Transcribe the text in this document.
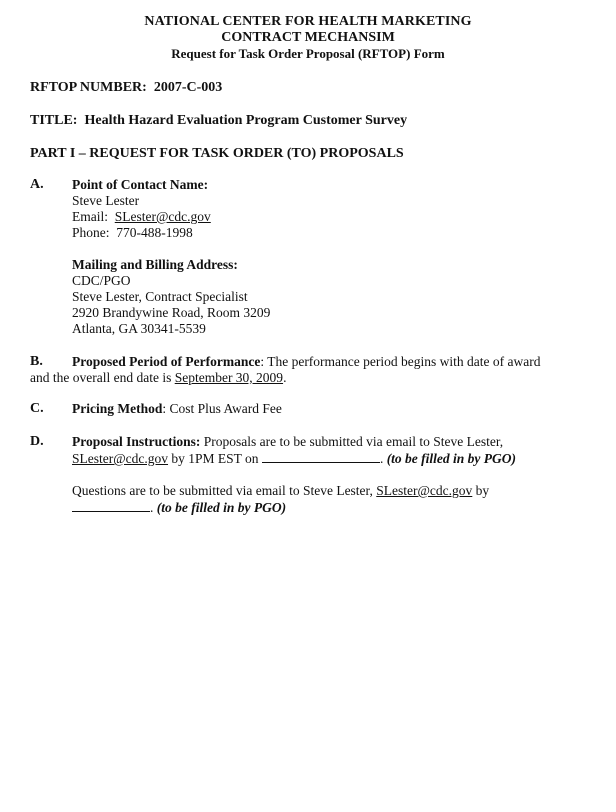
NATIONAL CENTER FOR HEALTH MARKETING
CONTRACT MECHANSIM
Request for Task Order Proposal (RFTOP) Form
RFTOP NUMBER: 2007-C-003
TITLE: Health Hazard Evaluation Program Customer Survey
PART I – REQUEST FOR TASK ORDER (TO) PROPOSALS
A. Point of Contact Name:
Steve Lester
Email: SLester@cdc.gov
Phone: 770-488-1998
Mailing and Billing Address:
CDC/PGO
Steve Lester, Contract Specialist
2920 Brandywine Road, Room 3209
Atlanta, GA 30341-5539
B. Proposed Period of Performance: The performance period begins with date of award
and the overall end date is September 30, 2009.
C. Pricing Method: Cost Plus Award Fee
D. Proposal Instructions: Proposals are to be submitted via email to Steve Lester,
SLester@cdc.gov by 1PM EST on	. (to be filled in by PGO)
Questions are to be submitted via email to Steve Lester, SLester@cdc.gov by
. (to be filled in by PGO)
